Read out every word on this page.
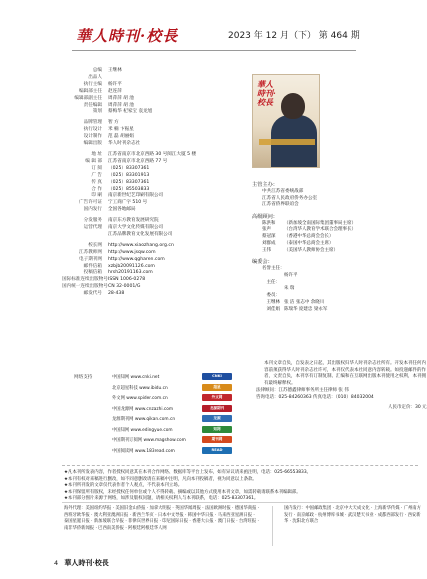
華人時刊·校長	2023 年 12 月（下） 第 464 期
总编	王继林
出品人
执行主编	杨许平
编辑部主任	赵连萍
编辑部副主任	周萍萍 胡 池
责任编辑	周萍萍 胡 池
策划	蔡梅华 杞家宝 袁龙旭
品牌管理	智 方
执行设计	米 楠 卞振星
设计制作	范 磊 胡丽娟
编辑出版	华人时刊杂志社
地 址	江苏省南京市北京西路 30 号阅江大厦 5 楼
编 辑 部	江苏省南京市北京西路 77 号
订 阅	（025）83307361
广 告	（025）83301913
传 真	（025）83307361
合 作	（025）85503833
印 刷	南京新世纪艺印刷有限公司
广告许可证	宁工商广字 510 号
国内发行	全国各地邮局
分发服务	南京东方教育发展研究院
运营代理	南京大学文化传媒有限公司
江苏品牌教育文化发展有限公司
校长网	http://www.xiaozhang.org.cn
江苏教师网	http://www.jsqw.com
电子期刊网	http://www.qgharen.com
邮件信箱	xzbjb20091126.com
投稿信箱	hrsh20191163.com
国际标准连续出版物号 ISSN 1006-0278
国内统一连续出版物号 CN 32-0001/G
邮发代号	28-438
華人時刊·校長
主管主办：
中共江苏省委统战部
江苏省人民政府侨务办公室
江苏省侨界联谊会
高级顾问：
陈洪和	（新加坡全南国际集团董事局主席）
张声	（台湾华人教育学术联合会理事长）
蔡冠深	（香港中华总商会会长）
刘群成	（泰国中华总商会主席）
王伟	（美国华人教师协会主席）
编委会：
名誉主任：
杨许平
主任：
朱 瑞
委员：
王继林 张 洁 张志中 余晓川
刘佳娟 陈瑞华 庞建忠 梁永军
本刊文章自负，自发表之日起，其出版权归华人时刊杂志社所有。开发本刊任何内容前须获得华人时刊杂志社许可，本刊仅代表本社同意内容转载。如投递邮件的作者，文责自负，本刊享有订制复制、汇编和在互联网出版本刊使用之权利，本刊拥有最终解释权。
法律顾问：江苏德鑫律师事务所主任律师 张 伟
咨询电话：025-84260363 传真电话：（010）84032004
人民币定价：30 元
网络支持	中国知网 www.cnki.net	CNKI
北京超星科技 www.ibidu.cn	超星
外文网 www.spider.com.cn	外文网
中国龙源网 www.cnzazhi.com	龙源期刊
龙源期刊网 www.qikan.com.cn	龙源
中国知网 www.edingyue.com	知网
中国期刊订阅网 www.magshow.com	期刊网
中国阅读网 www.183read.com	READ
★凡本刊所发表内容，作者授权同意其在本刊合作网络、数据库等平台上发布，如有异议请来函注明，电话：025-66553833。
★本刊有权对来稿进行删改，如不同意删改请在来稿中注明，凡向本刊投稿者，视为同意以上条款。
★本刊所刊发的文章仅代表作者个人观点，不代表本刊立场。
★本刊保留所有版权，未经授权任何单位或个人不得转载、摘编或以其他方式使用本刊文章，如需转载请联系本刊编辑部。
★本刊部分图片来源于网络，如涉及版权问题，请相关权利人与本刊联系，电话：025-83307361。
海外代理：美国纽约华报 · 美国旧金山侨报 · 加拿大明报 · 英国华闻周报 · 法国欧洲时报 · 德国华商报 · 西班牙欧华报 · 澳大利亚澳洲日报 · 新西兰华页 · 日本中文导报 · 韩国中华日报 · 马来西亚星洲日报 · 泰国星暹日报 · 新加坡联合早报 · 菲律宾世界日报 · 印尼国际日报 · 香港大公报 · 澳门日报 · 台湾旺报 · 南非华侨新闻报 · 巴西南美侨报 · 阿根廷阿根廷华人网
国内发行：中国邮政集团 · 北京中大天成文化 · 上海新华传媒 · 广州南方发行 · 南京邮政 · 杭州博库书城 · 武汉楚天书业 · 成都西部发行 · 西安新华 · 沈阳北方联合
4 華人時刊·校長
